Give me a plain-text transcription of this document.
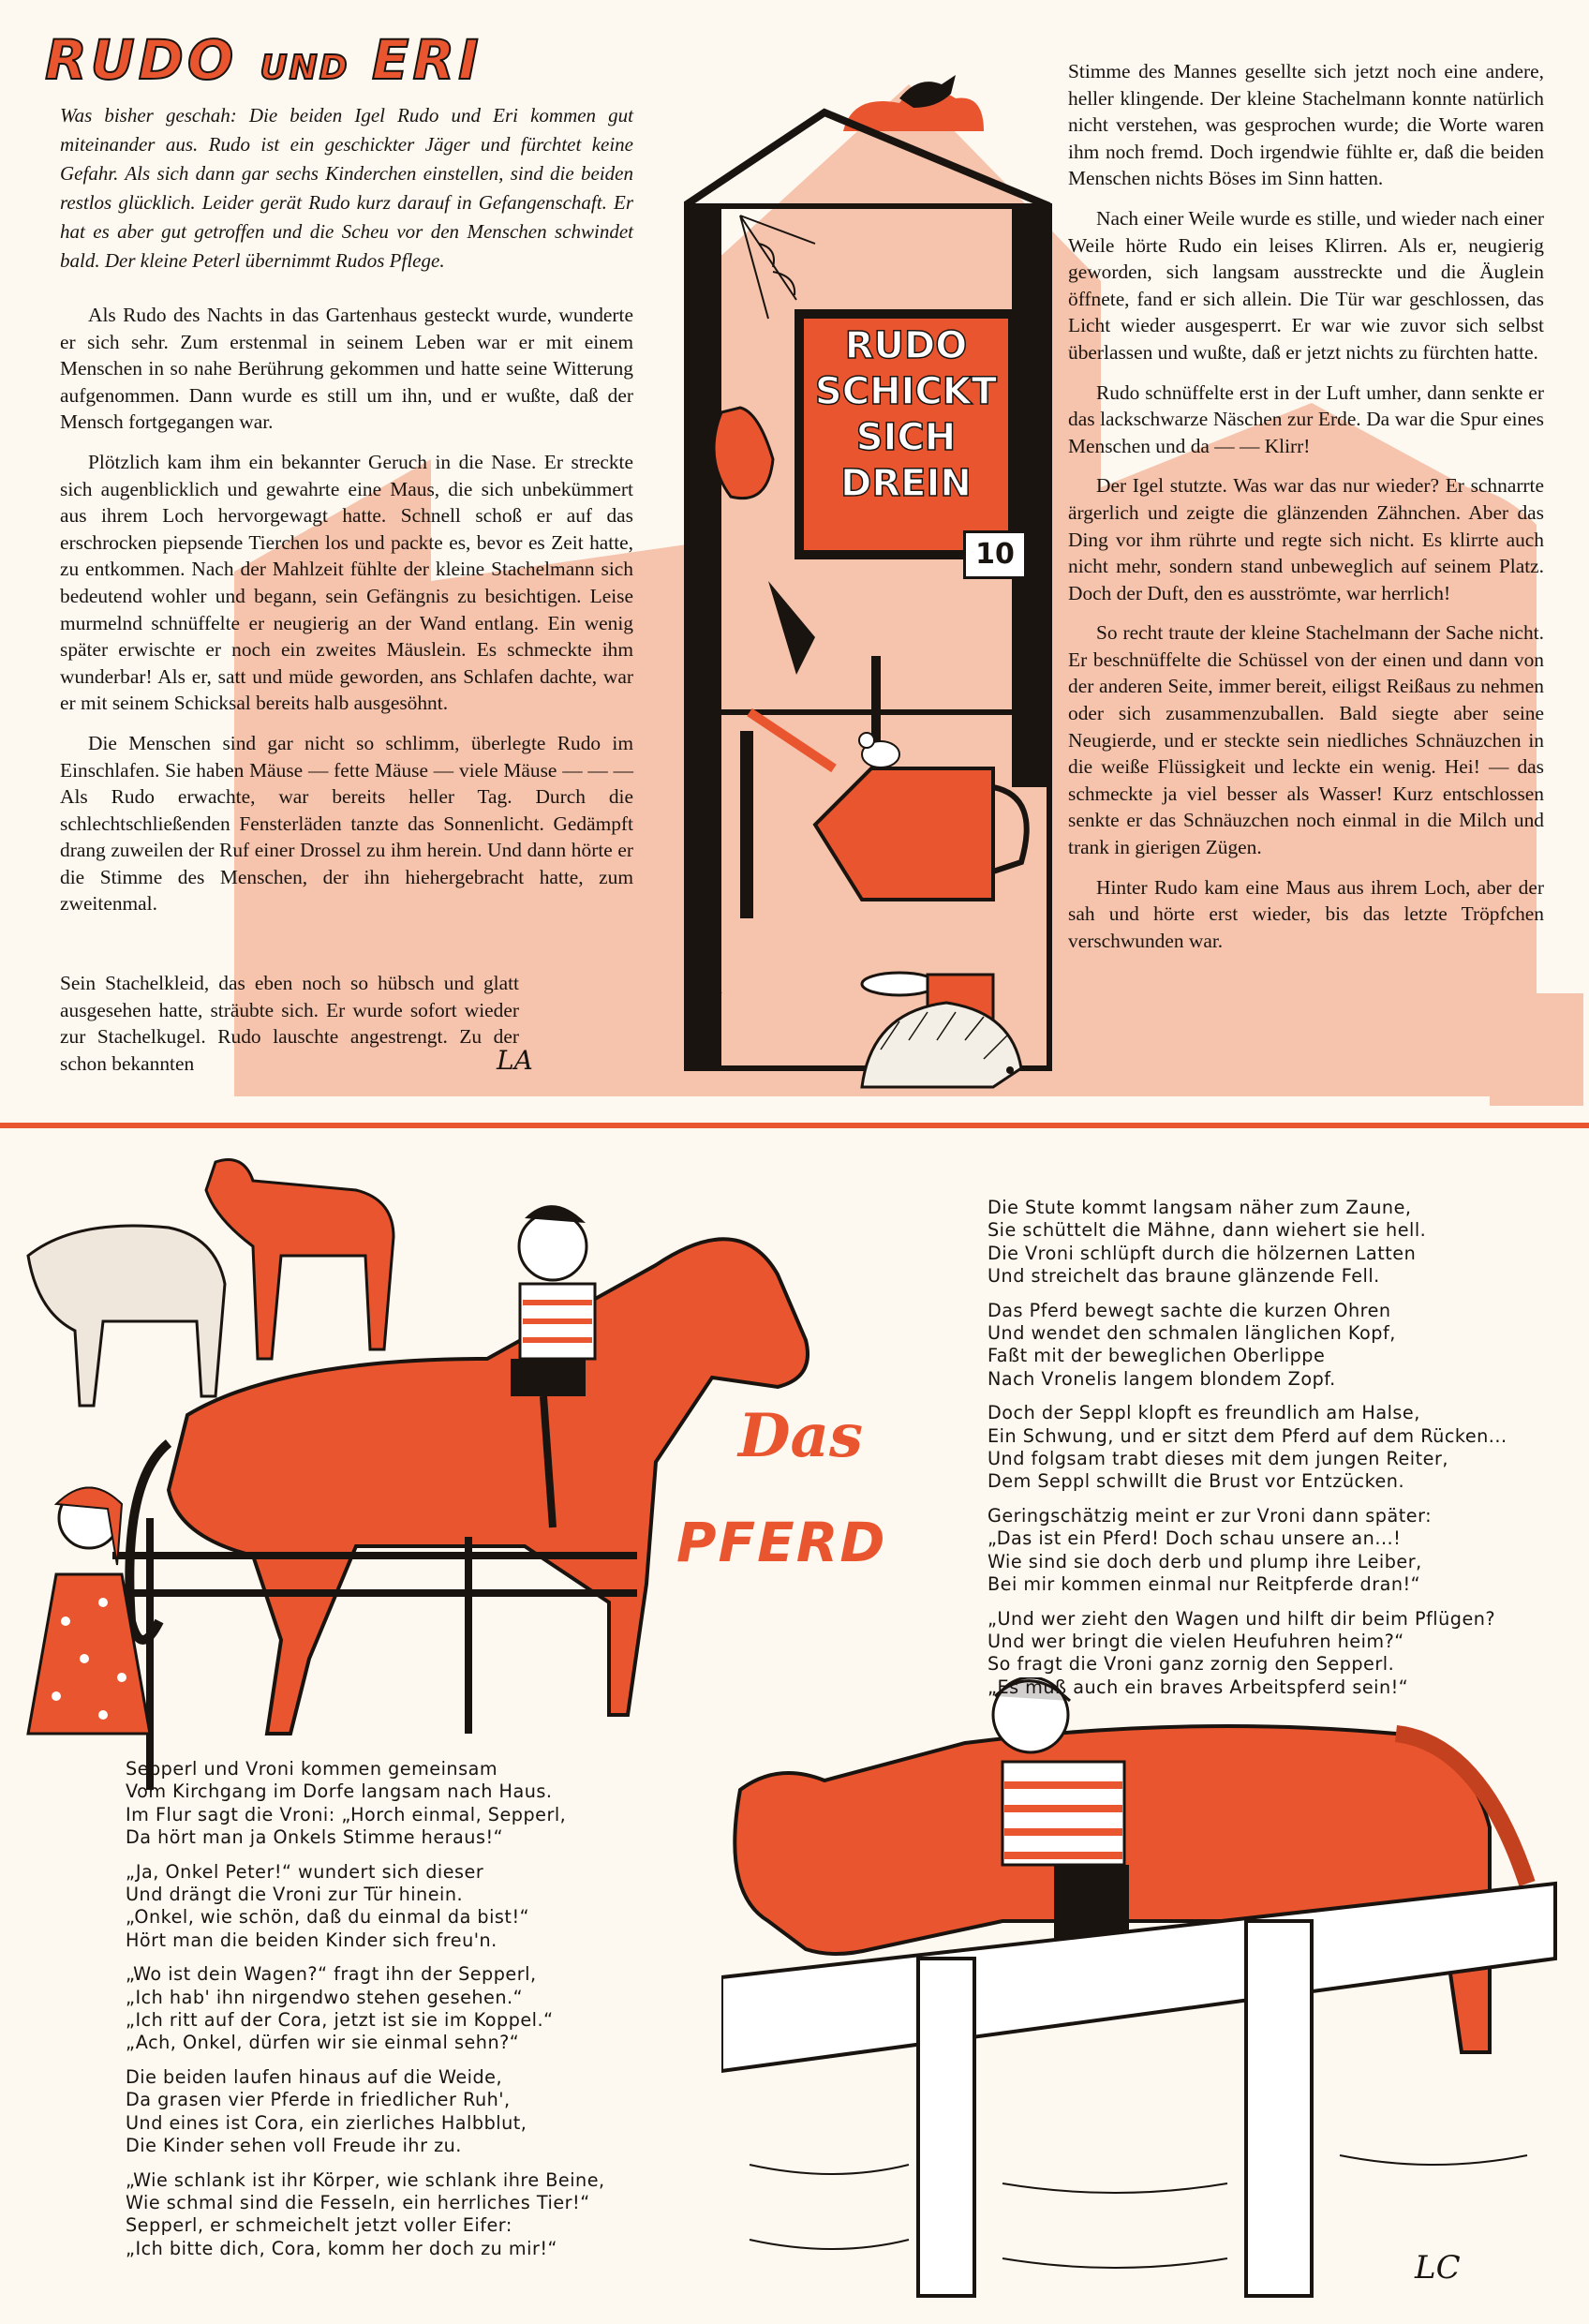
RUDO UND ERI
Was bisher geschah: Die beiden Igel Rudo und Eri kommen gut miteinander aus. Rudo ist ein geschickter Jäger und fürchtet keine Gefahr. Als sich dann gar sechs Kinderchen einstellen, sind die beiden restlos glücklich. Leider gerät Rudo kurz darauf in Gefangenschaft. Er hat es aber gut getroffen und die Scheu vor den Menschen schwindet bald. Der kleine Peterl übernimmt Rudos Pflege.
RUDO
SCHICKT
SICH
DREIN
10

Als Rudo des Nachts in das Gartenhaus gesteckt wurde, wunderte er sich sehr. Zum erstenmal in seinem Leben war er mit einem Menschen in so nahe Berührung gekommen und hatte seine Witterung aufgenommen. Dann wurde es still um ihn, und er wußte, daß der Mensch fortgegangen war.

Plötzlich kam ihm ein bekannter Geruch in die Nase. Er streckte sich augenblicklich und gewahrte eine Maus, die sich unbekümmert aus ihrem Loch hervorgewagt hatte. Schnell schoß er auf das erschrocken piepsende Tierchen los und packte es, bevor es Zeit hatte, zu entkommen. Nach der Mahlzeit fühlte der kleine Stachelmann sich bedeutend wohler und begann, sein Gefängnis zu besichtigen. Leise murmelnd schnüffelte er neugierig an der Wand entlang. Ein wenig später erwischte er noch ein zweites Mäuslein. Es schmeckte ihm wunderbar! Als er, satt und müde geworden, ans Schlafen dachte, war er mit seinem Schicksal bereits halb ausgesöhnt.

Die Menschen sind gar nicht so schlimm, überlegte Rudo im Einschlafen. Sie haben Mäuse — fette Mäuse — viele Mäuse — — — Als Rudo erwachte, war bereits heller Tag. Durch die schlechtschließenden Fensterläden tanzte das Sonnenlicht. Gedämpft drang zuweilen der Ruf einer Drossel zu ihm herein. Und dann hörte er die Stimme des Menschen, der ihn hiehergebracht hatte, zum zweitenmal.

Sein Stachelkleid, das eben noch so hübsch und glatt ausgesehen hatte, sträubte sich. Er wurde sofort wieder zur Stachelkugel. Rudo lauschte angestrengt. Zu der schon bekannten	LA

Stimme des Mannes gesellte sich jetzt noch eine andere, heller klingende. Der kleine Stachelmann konnte natürlich nicht verstehen, was gesprochen wurde; die Worte waren ihm noch fremd. Doch irgendwie fühlte er, daß die beiden Menschen nichts Böses im Sinn hatten.

Nach einer Weile wurde es stille, und wieder nach einer Weile hörte Rudo ein leises Klirren. Als er, neugierig geworden, sich langsam ausstreckte und die Äuglein öffnete, fand er sich allein. Die Tür war geschlossen, das Licht wieder ausgesperrt. Er war wie zuvor sich selbst überlassen und wußte, daß er jetzt nichts zu fürchten hatte.

Rudo schnüffelte erst in der Luft umher, dann senkte er das lackschwarze Näschen zur Erde. Da war die Spur eines Menschen und da — — Klirr!

Der Igel stutzte. Was war das nur wieder? Er schnarrte ärgerlich und zeigte die glänzenden Zähnchen. Aber das Ding vor ihm rührte und regte sich nicht. Es klirrte auch nicht mehr, sondern stand unbeweglich auf seinem Platz. Doch der Duft, den es ausströmte, war herrlich!

So recht traute der kleine Stachelmann der Sache nicht. Er beschnüffelte die Schüssel von der einen und dann von der anderen Seite, immer bereit, eiligst Reißaus zu nehmen oder sich zusammenzuballen. Bald siegte aber seine Neugierde, und er steckte sein niedliches Schnäuzchen in die weiße Flüssigkeit und leckte ein wenig. Hei! — das schmeckte ja viel besser als Wasser! Kurz entschlossen senkte er das Schnäuzchen noch einmal in die Milch und trank in gierigen Zügen.

Hinter Rudo kam eine Maus aus ihrem Loch, aber der sah und hörte erst wieder, bis das letzte Tröpfchen verschwunden war.

Das
PFERD
Die Stute kommt langsam näher zum Zaune,
Sie schüttelt die Mähne, dann wiehert sie hell.
Die Vroni schlüpft durch die hölzernen Latten
Und streichelt das braune glänzende Fell.
Das Pferd bewegt sachte die kurzen Ohren
Und wendet den schmalen länglichen Kopf,
Faßt mit der beweglichen Oberlippe
Nach Vronelis langem blondem Zopf.
Doch der Seppl klopft es freundlich am Halse,
Ein Schwung, und er sitzt dem Pferd auf dem Rücken...
Und folgsam trabt dieses mit dem jungen Reiter,
Dem Seppl schwillt die Brust vor Entzücken.
Geringschätzig meint er zur Vroni dann später:
„Das ist ein Pferd! Doch schau unsere an...!
Wie sind sie doch derb und plump ihre Leiber,
Bei mir kommen einmal nur Reitpferde dran!“
„Und wer zieht den Wagen und hilft dir beim Pflügen?
Und wer bringt die vielen Heufuhren heim?“
So fragt die Vroni ganz zornig den Sepperl.
„Es muß auch ein braves Arbeitspferd sein!“
Sepperl und Vroni kommen gemeinsam
Vom Kirchgang im Dorfe langsam nach Haus.
Im Flur sagt die Vroni: „Horch einmal, Sepperl,
Da hört man ja Onkels Stimme heraus!“
„Ja, Onkel Peter!“ wundert sich dieser
Und drängt die Vroni zur Tür hinein.
„Onkel, wie schön, daß du einmal da bist!“
Hört man die beiden Kinder sich freu'n.
„Wo ist dein Wagen?“ fragt ihn der Sepperl,
„Ich hab' ihn nirgendwo stehen gesehen.“
„Ich ritt auf der Cora, jetzt ist sie im Koppel.“
„Ach, Onkel, dürfen wir sie einmal sehn?“
Die beiden laufen hinaus auf die Weide,
Da grasen vier Pferde in friedlicher Ruh',
Und eines ist Cora, ein zierliches Halbblut,
Die Kinder sehen voll Freude ihr zu.
„Wie schlank ist ihr Körper, wie schlank ihre Beine,
Wie schmal sind die Fesseln, ein herrliches Tier!“
Sepperl, er schmeichelt jetzt voller Eifer:
„Ich bitte dich, Cora, komm her doch zu mir!“
LC
